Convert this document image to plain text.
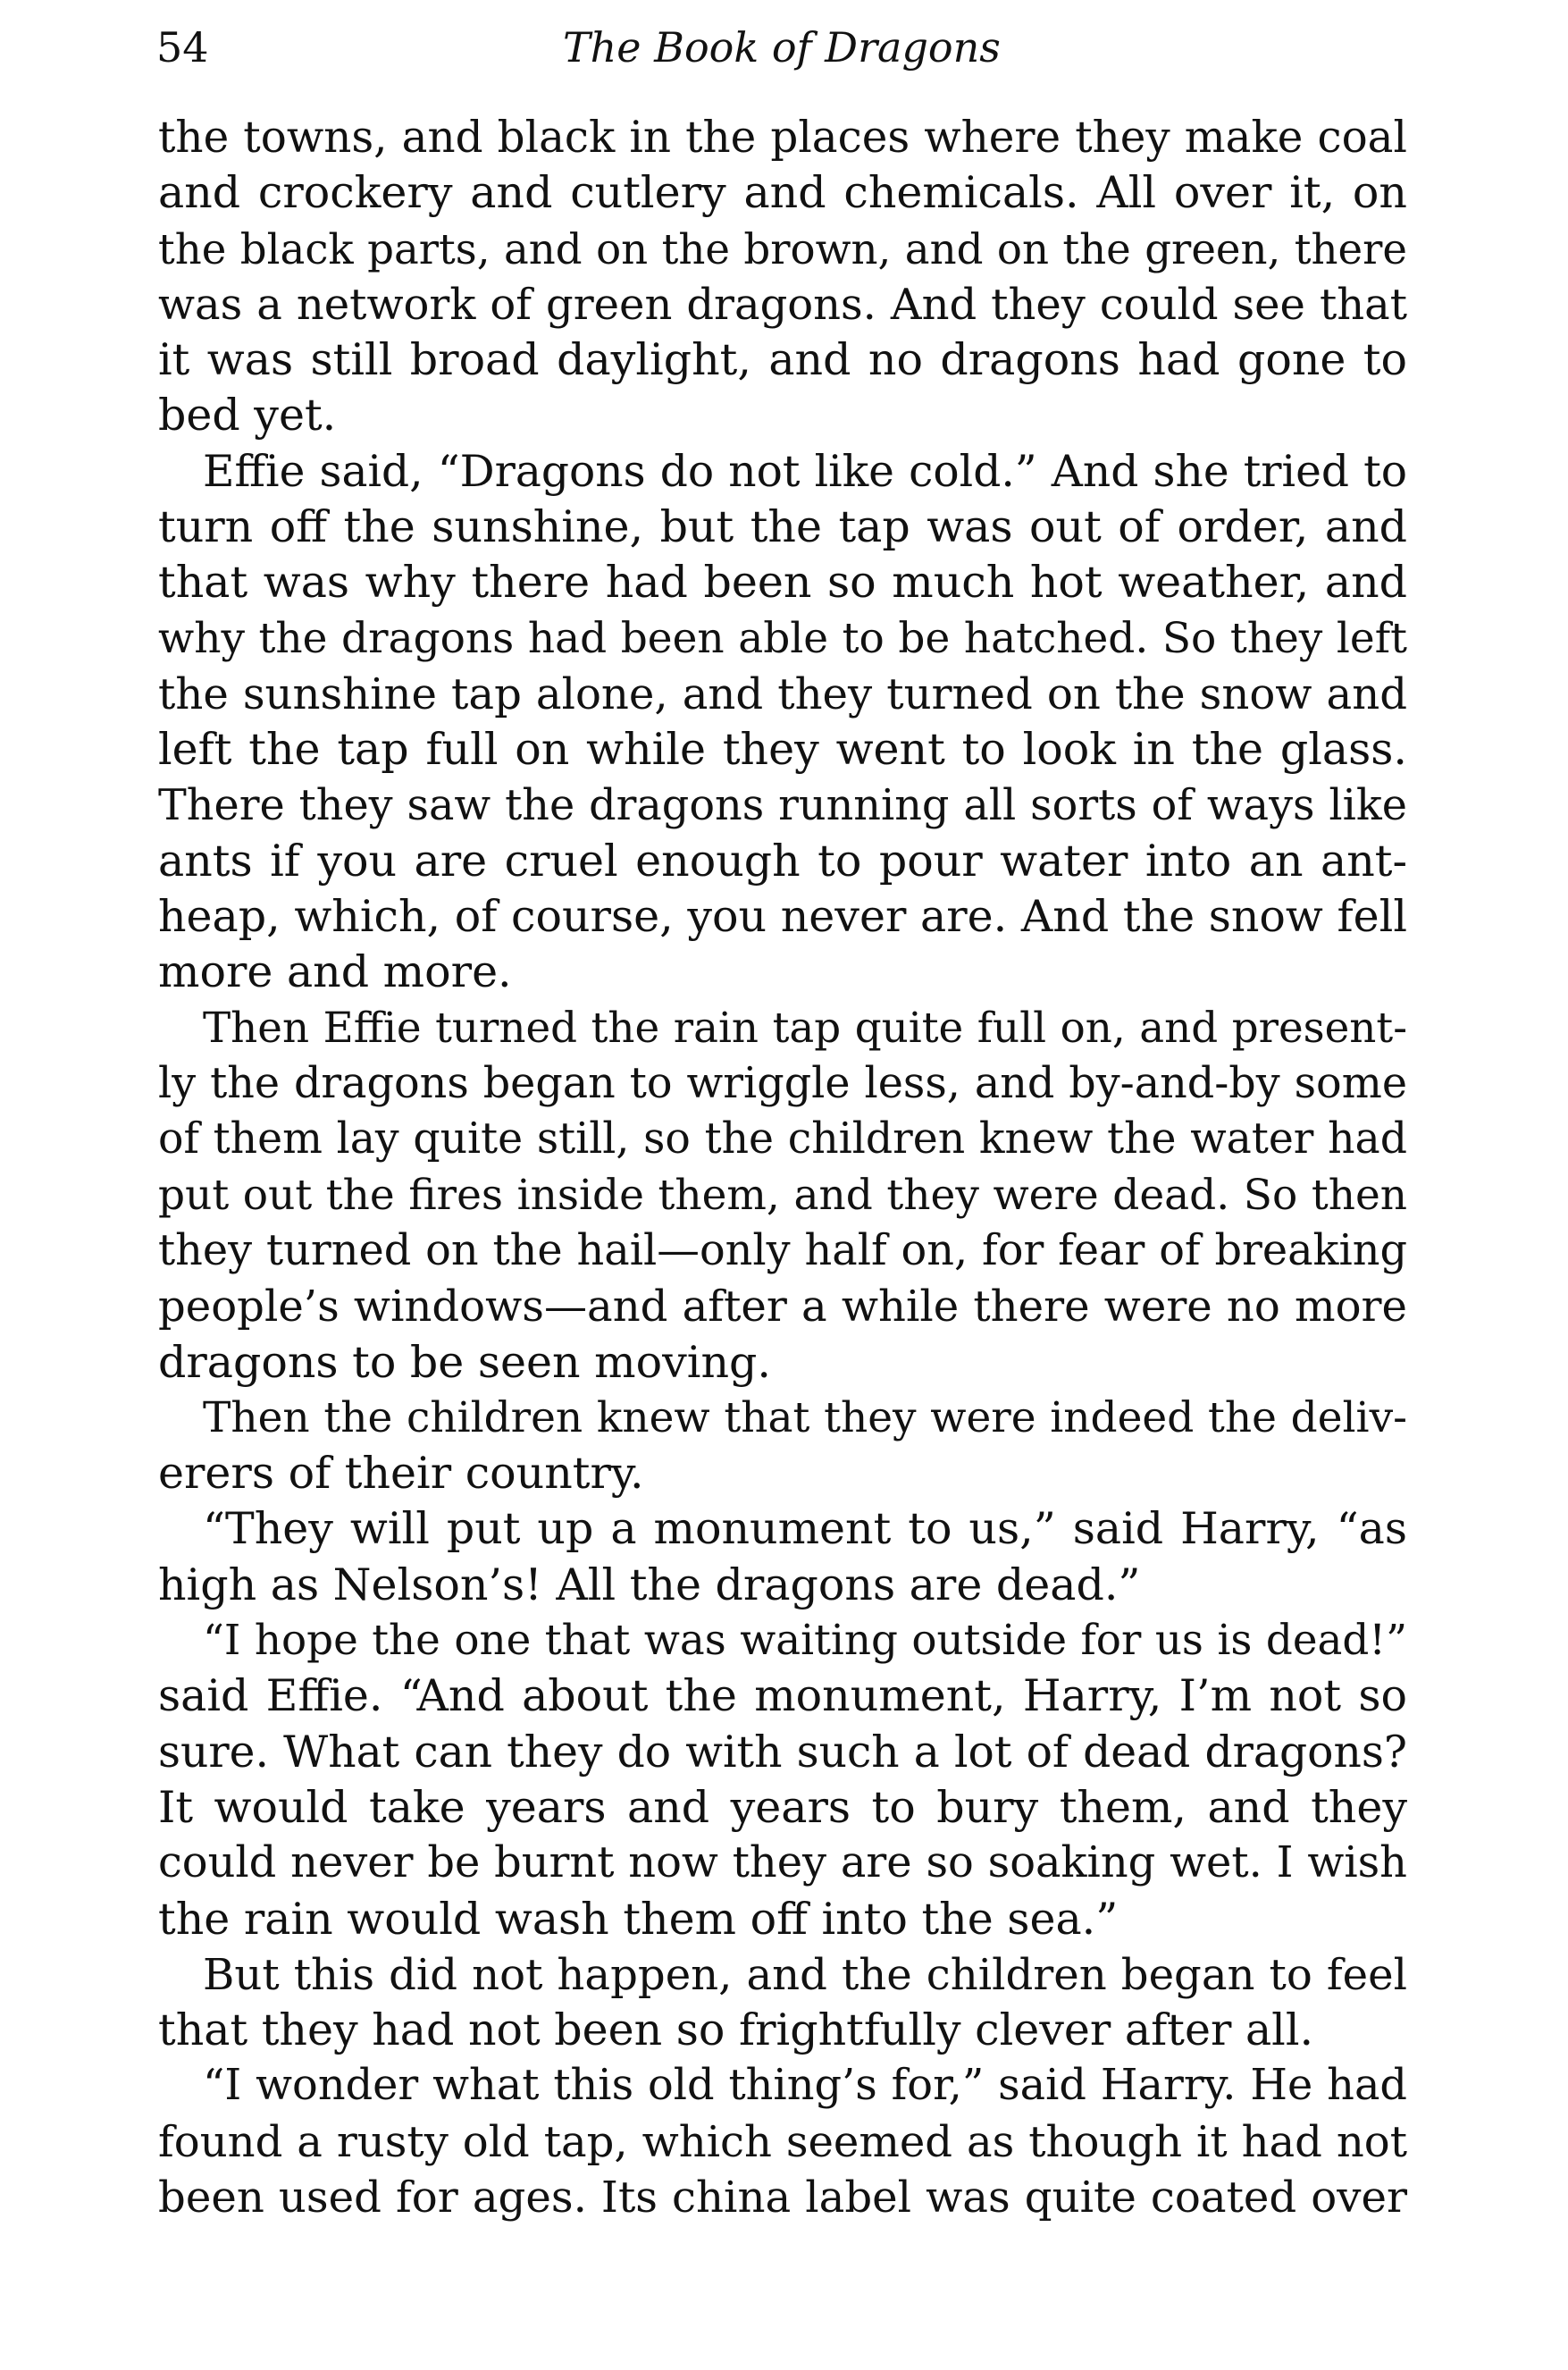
54	The Book of Dragons
the towns, and black in the places where they make coal
and crockery and cutlery and chemicals. All over it, on
the black parts, and on the brown, and on the green, there
was a network of green dragons. And they could see that
it was still broad daylight, and no dragons had gone to
bed yet.
Effie said, “Dragons do not like cold.” And she tried to
turn off the sunshine, but the tap was out of order, and
that was why there had been so much hot weather, and
why the dragons had been able to be hatched. So they left
the sunshine tap alone, and they turned on the snow and
left the tap full on while they went to look in the glass.
There they saw the dragons running all sorts of ways like
ants if you are cruel enough to pour water into an ant-
heap, which, of course, you never are. And the snow fell
more and more.
Then Effie turned the rain tap quite full on, and present-
ly the dragons began to wriggle less, and by-and-by some
of them lay quite still, so the children knew the water had
put out the fires inside them, and they were dead. So then
they turned on the hail—only half on, for fear of breaking
people’s windows—and after a while there were no more
dragons to be seen moving.
Then the children knew that they were indeed the deliv-
erers of their country.
“They will put up a monument to us,” said Harry, “as
high as Nelson’s! All the dragons are dead.”
“I hope the one that was waiting outside for us is dead!”
said Effie. “And about the monument, Harry, I’m not so
sure. What can they do with such a lot of dead dragons?
It would take years and years to bury them, and they
could never be burnt now they are so soaking wet. I wish
the rain would wash them off into the sea.”
But this did not happen, and the children began to feel
that they had not been so frightfully clever after all.
“I wonder what this old thing’s for,” said Harry. He had
found a rusty old tap, which seemed as though it had not
been used for ages. Its china label was quite coated over
